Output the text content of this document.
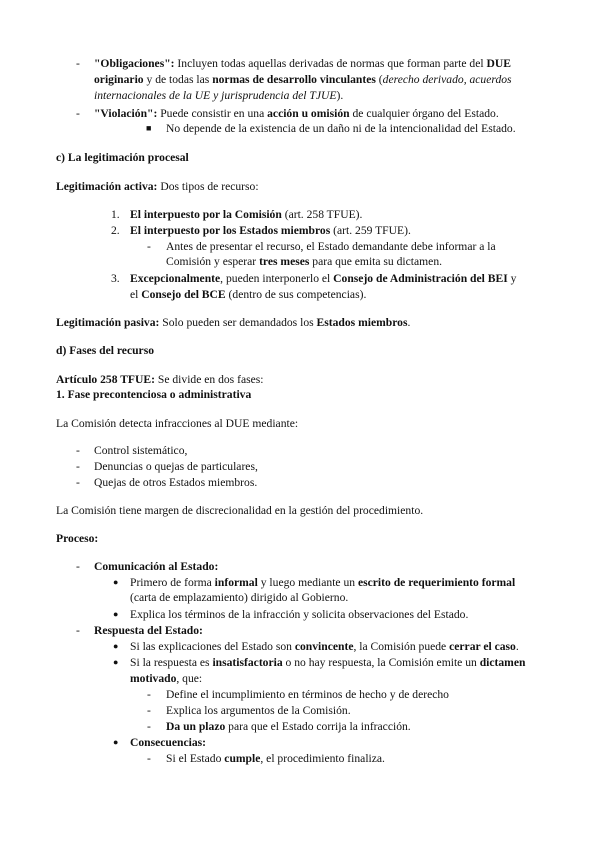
- "Obligaciones": Incluyen todas aquellas derivadas de normas que forman parte del DUE
originario y de todas las normas de desarrollo vinculantes (derecho derivado, acuerdos
internacionales de la UE y jurisprudencia del TJUE).
- "Violación": Puede consistir en una acción u omisión de cualquier órgano del Estado.
■ No depende de la existencia de un daño ni de la intencionalidad del Estado.
c) La legitimación procesal
Legitimación activa: Dos tipos de recurso:
1. El interpuesto por la Comisión (art. 258 TFUE).
2. El interpuesto por los Estados miembros (art. 259 TFUE).
- Antes de presentar el recurso, el Estado demandante debe informar a la
Comisión y esperar tres meses para que emita su dictamen.
3. Excepcionalmente, pueden interponerlo el Consejo de Administración del BEI y
el Consejo del BCE (dentro de sus competencias).
Legitimación pasiva: Solo pueden ser demandados los Estados miembros.
d) Fases del recurso
Artículo 258 TFUE: Se divide en dos fases:
1. Fase precontenciosa o administrativa
La Comisión detecta infracciones al DUE mediante:
- Control sistemático,
- Denuncias o quejas de particulares,
- Quejas de otros Estados miembros.
La Comisión tiene margen de discrecionalidad en la gestión del procedimiento.
Proceso:
- Comunicación al Estado:
● Primero de forma informal y luego mediante un escrito de requerimiento formal
(carta de emplazamiento) dirigido al Gobierno.
● Explica los términos de la infracción y solicita observaciones del Estado.
- Respuesta del Estado:
● Si las explicaciones del Estado son convincente, la Comisión puede cerrar el caso.
● Si la respuesta es insatisfactoria o no hay respuesta, la Comisión emite un dictamen
motivado, que:
- Define el incumplimiento en términos de hecho y de derecho
- Explica los argumentos de la Comisión.
- Da un plazo para que el Estado corrija la infracción.
● Consecuencias:
- Si el Estado cumple, el procedimiento finaliza.
